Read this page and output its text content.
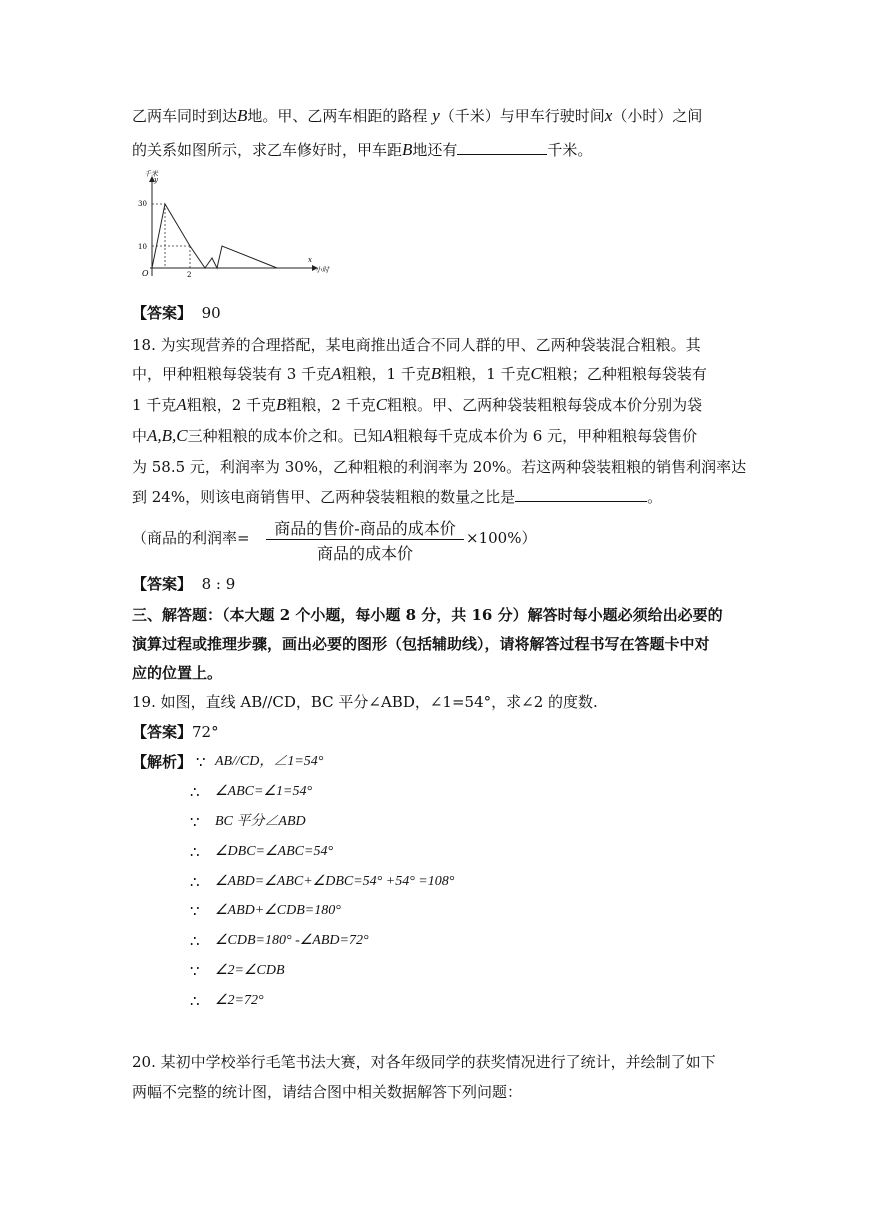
乙两车同时到达B地。甲、乙两车相距的路程 y（千米）与甲车行驶时间x（小时）之间
的关系如图所示，求乙车修好时，甲车距B地还有	千米。
千米
y
x
小时
O
30
10
2
【答案】 90
18. 为实现营养的合理搭配，某电商推出适合不同人群的甲、乙两种袋装混合粗粮。其
中，甲种粗粮每袋装有 3 千克A粗粮，1 千克B粗粮，1 千克C粗粮；乙种粗粮每袋装有
1 千克A粗粮，2 千克B粗粮，2 千克C粗粮。甲、乙两种袋装粗粮每袋成本价分别为袋
中A,B,C三种粗粮的成本价之和。已知A粗粮每千克成本价为 6 元，甲种粗粮每袋售价
为 58.5 元，利润率为 30%，乙种粗粮的利润率为 20%。若这两种袋装粗粮的销售利润率达
到 24%，则该电商销售甲、乙两种袋装粗粮的数量之比是	。
（商品的利润率=	商品的售价-商品的成本价
商品的成本价
×100%）
【答案】 8 : 9
三、解答题：（本大题 2 个小题，每小题 8 分，共 16 分）解答时每小题必须给出必要的
演算过程或推理步骤，画出必要的图形（包括辅助线），请将解答过程书写在答题卡中对
应的位置上。
19. 如图，直线 AB//CD，BC 平分∠ABD，∠1=54°，求∠2 的度数.
【答案】72°
【解析】 ∵ AB//CD，∠1=54°
∴ ∠ABC=∠1=54°
∵ BC 平分∠ABD
∴ ∠DBC=∠ABC=54°
∴ ∠ABD=∠ABC+∠DBC=54° +54° =108°
∵ ∠ABD+∠CDB=180°
∴ ∠CDB=180° -∠ABD=72°
∵ ∠2=∠CDB
∴ ∠2=72°
20. 某初中学校举行毛笔书法大赛，对各年级同学的获奖情况进行了统计，并绘制了如下
两幅不完整的统计图，请结合图中相关数据解答下列问题：
